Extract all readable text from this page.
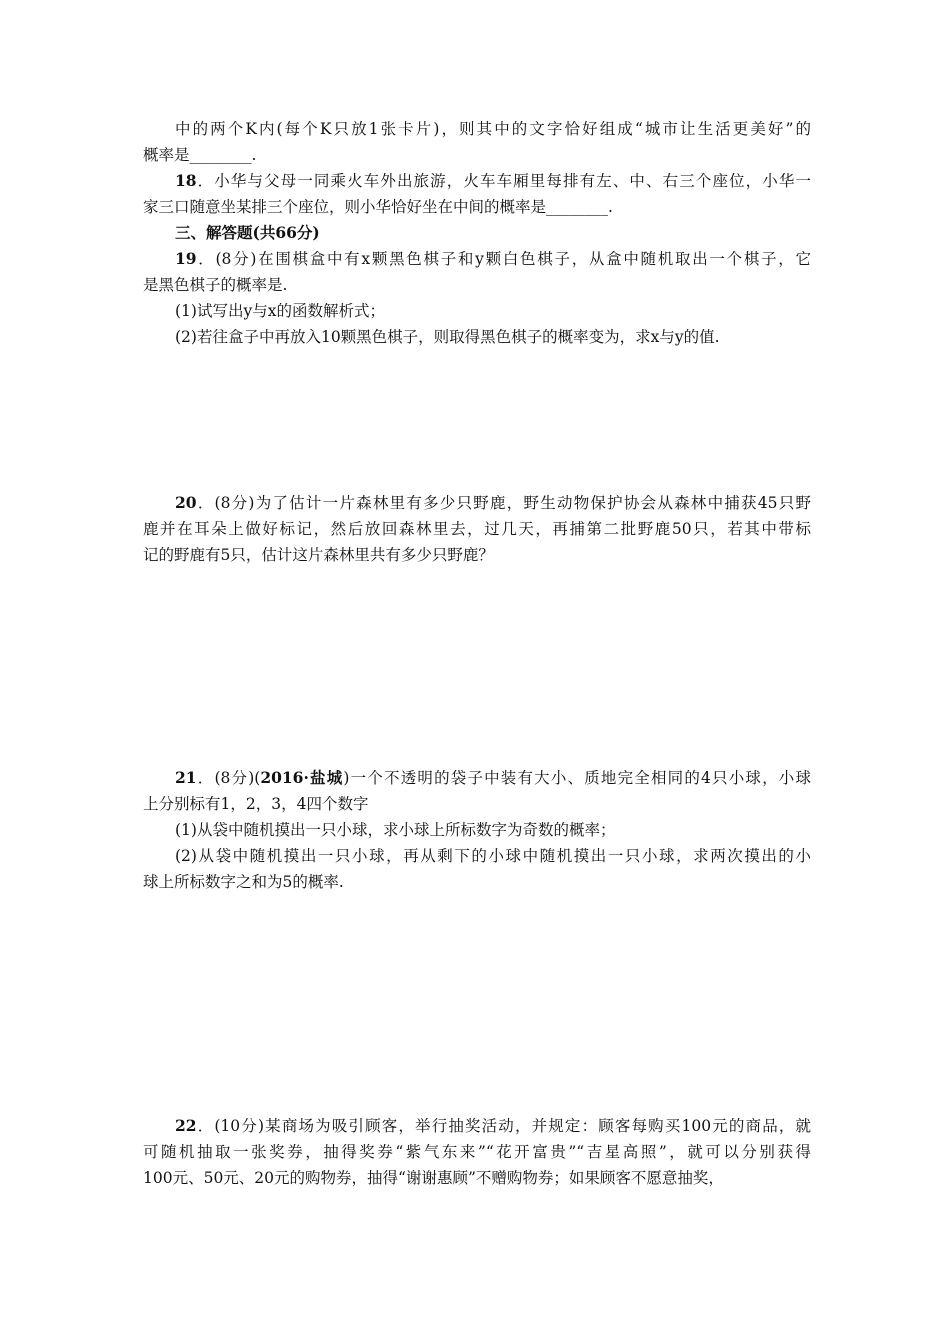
中的两个K内(每个K只放1张卡片)，则其中的文字恰好组成“城市让生活更美好”的
概率是________.
18．小华与父母一同乘火车外出旅游，火车车厢里每排有左、中、右三个座位，小华一
家三口随意坐某排三个座位，则小华恰好坐在中间的概率是________.
三、解答题(共66分)
19．(8分)在围棋盒中有x颗黑色棋子和y颗白色棋子，从盒中随机取出一个棋子，它
是黑色棋子的概率是.
(1)试写出y与x的函数解析式；
(2)若往盒子中再放入10颗黑色棋子，则取得黑色棋子的概率变为，求x与y的值.
20．(8分)为了估计一片森林里有多少只野鹿，野生动物保护协会从森林中捕获45只野
鹿并在耳朵上做好标记，然后放回森林里去，过几天，再捕第二批野鹿50只，若其中带标
记的野鹿有5只，估计这片森林里共有多少只野鹿？
21．(8分)(2016·盐城)一个不透明的袋子中装有大小、质地完全相同的4只小球，小球
上分别标有1，2，3，4四个数字
(1)从袋中随机摸出一只小球，求小球上所标数字为奇数的概率；
(2)从袋中随机摸出一只小球，再从剩下的小球中随机摸出一只小球，求两次摸出的小
球上所标数字之和为5的概率.
22．(10分)某商场为吸引顾客，举行抽奖活动，并规定：顾客每购买100元的商品，就
可随机抽取一张奖券，抽得奖券“紫气东来”“花开富贵”“吉星高照”，就可以分别获得
100元、50元、20元的购物券，抽得“谢谢惠顾”不赠购物券；如果顾客不愿意抽奖，
